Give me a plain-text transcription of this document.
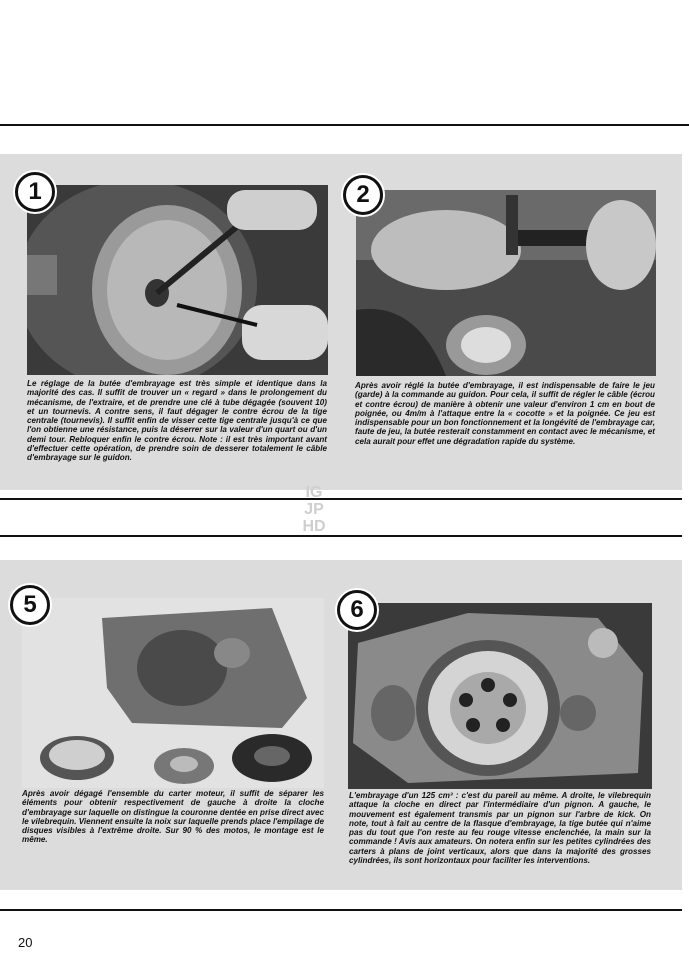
1
Le réglage de la butée d'embrayage est très simple et identique dans la majorité des cas. Il suffit de trouver un « regard » dans le prolongement du mécanisme, de l'extraire, et de prendre une clé à tube dégagée (souvent 10) et un tournevis. A contre sens, il faut dégager le contre écrou de la tige centrale (tournevis). Il suffit enfin de visser cette tige centrale jusqu'à ce que l'on obtienne une résistance, puis la déserrer sur la valeur d'un quart ou d'un demi tour. Rebloquer enfin le contre écrou. Note : il est très important avant d'effectuer cette opération, de prendre soin de desserer totalement le câble d'embrayage sur le guidon.
2
Après avoir réglé la butée d'embrayage, il est indispensable de faire le jeu (garde) à la commande au guidon. Pour cela, il suffit de régler le câble (écrou et contre écrou) de manière à obtenir une valeur d'environ 1 cm en bout de poignée, ou 4m/m à l'attaque entre la « cocotte » et la poignée. Ce jeu est indispensable pour un bon fonctionnement et la longévité de l'embrayage car, faute de jeu, la butée resterait constamment en contact avec le mécanisme, et cela aurait pour effet une dégradation rapide du système.
IG
JP
HD
5
Après avoir dégagé l'ensemble du carter moteur, il suffit de séparer les éléments pour obtenir respectivement de gauche à droite la cloche d'embrayage sur laquelle on distingue la couronne dentée en prise direct avec le vilebrequin. Viennent ensuite la noix sur laquelle prends place l'empilage de disques visibles à l'extrême droite. Sur 90 % des motos, le montage est le même.
6
L'embrayage d'un 125 cm³ : c'est du pareil au même. A droite, le vilebrequin attaque la cloche en direct par l'intermédiaire d'un pignon. A gauche, le mouvement est également transmis par un pignon sur l'arbre de kick. On note, tout à fait au centre de la flasque d'embrayage, la tige butée qui n'aime pas du tout que l'on reste au feu rouge vitesse enclenchée, la main sur la commande ! Avis aux amateurs. On notera enfin sur les petites cylindrées des carters à plans de joint verticaux, alors que dans la majorité des grosses cylindrées, ils sont horizontaux pour faciliter les interventions.
20
